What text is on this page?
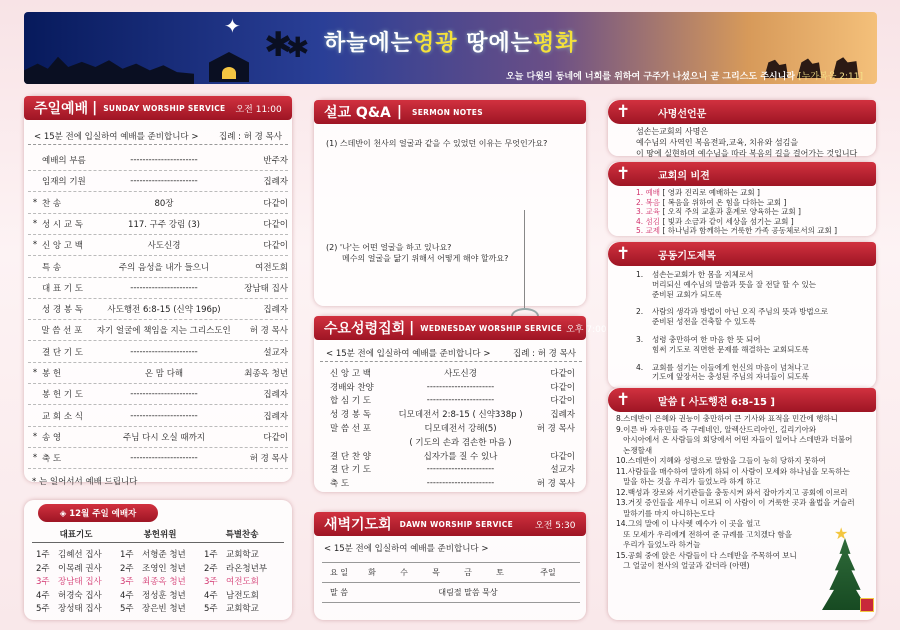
✦ ✱
✱ 하늘에는영광 땅에는평화
오늘 다윗의 동네에 너희를 위하여 구주가 나셨으니 곧 그리스도 주시니라 [누가복음 2:11]
주일예배 | SUNDAY WORSHIP SERVICE 오전 11:00
< 15분 전에 입실하여 예배를 준비합니다 > 집례 : 허 경 목사
예배의 부름	----------------------	반주자
임재의 기원	----------------------	집례자
* 찬 송	80장	다같이
* 성 시 교 독	117. 구주 강림 (3)	다같이
* 신 앙 고 백	사도신경	다같이
특 송	주의 음성을 내가 들으니	여전도회
대 표 기 도	----------------------	장남태 집사
성 경 봉 독	사도행전 6:8-15 (신약 196p)	집례자
말 씀 선 포	자기 얼굴에 책임을 지는 그리스도인	허 경 목사
결 단 기 도	----------------------	설교자
* 봉 헌	온 맘 다해	최종옥 청년
봉 헌 기 도	----------------------	집례자
교 회 소 식	----------------------	집례자
* 송 영	주님 다시 오실 때까지	다같이
* 축 도	----------------------	허 경 목사
* 는 일어서서 예배 드립니다
◈ 12월 주일 예배자
대표기도	봉헌위원	특별찬송
1주 김혜선 집사 1주 서형준 청년 1주 교회학교
2주 이목례 권사 2주 조영인 청년 2주 라온청년부
3주 장남태 집사 3주 최종옥 청년 3주 여전도회
4주 허경숙 집사 4주 정성훈 청년 4주 남전도회
5주 장성태 집사 5주 장은빈 청년 5주 교회학교
설교 Q&A | SERMON NOTES
(1) 스데반이 천사의 얼굴과 같을 수 있었던 이유는 무엇인가요?
(2) '나'는 어떤 얼굴을 하고 있나요?
메수의 얼굴을 닮기 위해서 어떻게 해야 할까요?
수요성령집회 | WEDNESDAY WORSHIP SERVICE 오후 7:00
< 15분 전에 입실하여 예배를 준비합니다 >	집례 : 허 경 목사
신 앙 고 백	사도신경	다같이
경배와 찬양	----------------------	다같이
합 심 기 도	----------------------	다같이
성 경 봉 독	디모데전서 2:8-15 ( 신약338p )	집례자
말 씀 선 포	디모데전서 강해(5)	허 경 목사
( 기도의 손과 겸손한 마음 )
결 단 찬 양	십자가를 질 수 있나	다같이
결 단 기 도	----------------------	설교자
축 도	----------------------	허 경 목사
새벽기도회 DAWN WORSHIP SERVICE 오전 5:30
< 15분 전에 입실하여 예배를 준비합니다 >
요 일	화	수	목	금	토	주일
말 씀	대림절 말씀 묵상					
✝	사명선언문
섬손는교회의 사명은
예수님의 사역인 복음전파,교육, 치유와 섬김을
이 땅에 실현하며 예수님을 따라 복음의 길을 걸어가는 것입니다
✝	교회의 비젼
1. 예배 [ 영과 진리로 예배하는 교회 ]
2. 복음 [ 복음을 위하여 온 힘을 다하는 교회 ]
3. 교육 [ 오직 주의 교훈과 훈계로 양육하는 교회 ]
4. 섬김 [ 빛과 소금과 같이 세상을 섬기는 교회 ]
5. 교제 [ 하나님과 함께하는 거룩한 가족 공동체로서의 교회 ]
✝	공동기도제목
1.	섬손는교회가 한 몸을 지체로서
머리되신 예수님의 말씀과 뜻을 잘 전달 할 수 있는
준비된 교회가 되도록
2.	사람의 생각과 방법이 아닌 오직 주님의 뜻과 방법으로
준비된 성전을 건축할 수 있도록
3.	성령 충만하여 한 마음 한 뜻 되어
힘써 기도로 직면한 문제를 해결하는 교회되도록
4.	교회를 섬기는 이들에게 헌신의 마음이 넘쳐나고
기도에 앞장서는 충성된 주님의 자녀들이 되도록
✝	말씀 [ 사도행전 6:8-15 ]
8.스데반이 은혜와 권능이 충만하여 큰 기사와 표적을 민간에 행하니
9.이른 바 자유민들 즉 구레네인, 알렉산드리아인, 길리기아와
아시아에서 온 사람들의 회당에서 어떤 자들이 일어나 스데반과 더불어
논쟁할새
10.스데반이 지혜와 성령으로 말함을 그들이 능히 당하지 못하여
11.사람들을 매수하여 말하게 하되 이 사람이 모세와 하나님을 모독하는
말을 하는 것을 우리가 들었노라 하게 하고
12.백성과 장로와 서기관들을 충동시켜 와서 잡아가지고 공회에 이르러
13.거짓 증인들을 세우니 이르되 이 사람이 이 거룩한 곳과 율법을 거슬러
말하기를 마지 아니하는도다
14.그의 말에 이 나사렛 예수가 이 곳을 헐고
또 모세가 우리에게 전하여 준 규례를 고치겠다 함을
우리가 들었노라 하거늘
15.공회 중에 앉은 사람들이 다 스데반을 주목하여 보니
그 얼굴이 천사의 얼굴과 같더라 (아멘)
★
